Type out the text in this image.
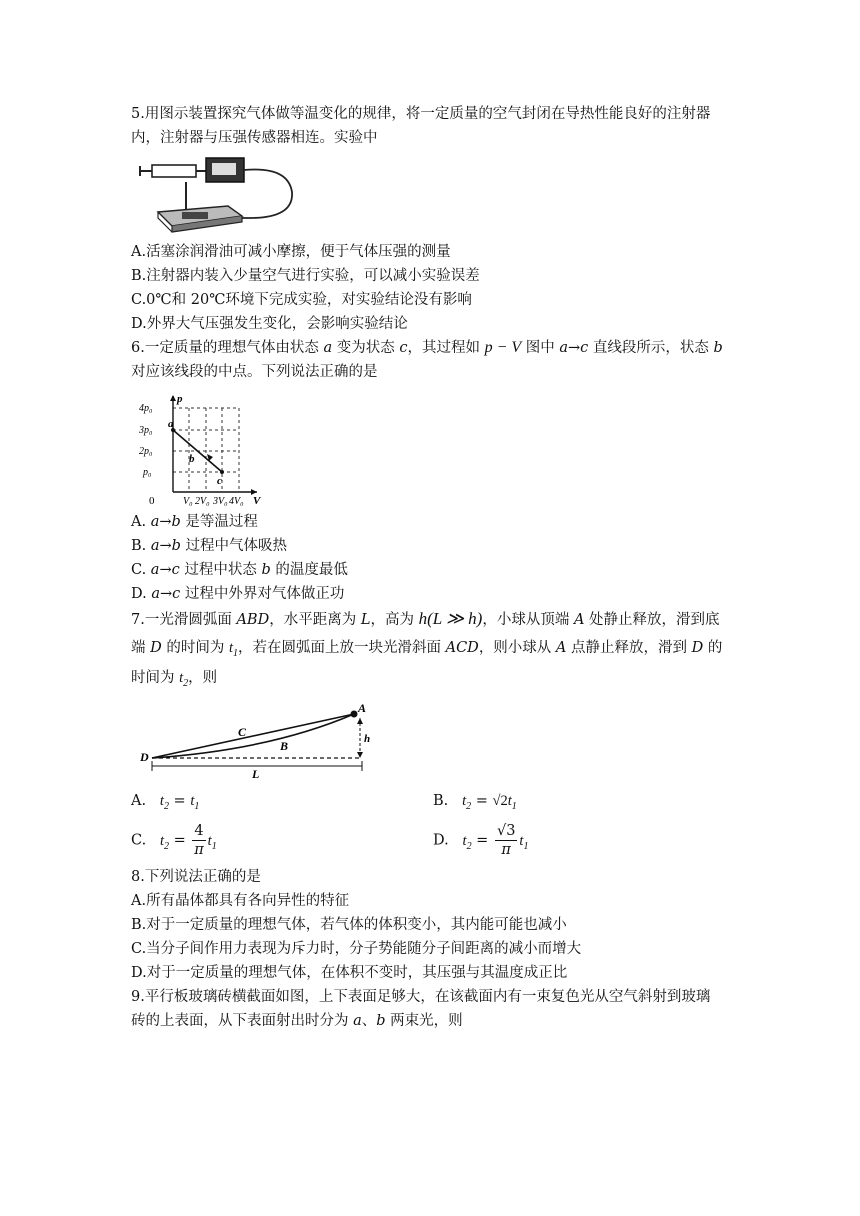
5.用图示装置探究气体做等温变化的规律，将一定质量的空气封闭在导热性能良好的注射器
内，注射器与压强传感器相连。实验中
A.活塞涂润滑油可减小摩擦，便于气体压强的测量
B.注射器内装入少量空气进行实验，可以减小实验误差
C.0℃和 20℃环境下完成实验，对实验结论没有影响
D.外界大气压强发生变化，会影响实验结论
6.一定质量的理想气体由状态 a 变为状态 c，其过程如 p − V 图中 a→c 直线段所示，状态 b
对应该线段的中点。下列说法正确的是
p
V
0
4p₀
3p₀
2p₀
p₀
V₀ 2V₀ 3V₀ 4V₀
a
b
c
A. a→b 是等温过程
B. a→b 过程中气体吸热
C. a→c 过程中状态 b 的温度最低
D. a→c 过程中外界对气体做正功
7.一光滑圆弧面 ABD，水平距离为 L，高为 h(L ≫ h)，小球从顶端 A 处静止释放，滑到底
端 D 的时间为 $t_1$，若在圆弧面上放一块光滑斜面 ACD，则小球从 A 点静止释放，滑到 D 的
时间为 $t_2$，则
A
B
C
D
h
L
A. $t_2 = t_1$	B. $t_2 = √2t_1$
C. $t_2 = \frac{4}{\pi} t_1$	D. $t_2 = \frac{√3}{\pi} t_1$
8.下列说法正确的是
A.所有晶体都具有各向异性的特征
B.对于一定质量的理想气体，若气体的体积变小，其内能可能也减小
C.当分子间作用力表现为斥力时，分子势能随分子间距离的减小而增大
D.对于一定质量的理想气体，在体积不变时，其压强与其温度成正比
9.平行板玻璃砖横截面如图，上下表面足够大，在该截面内有一束复色光从空气斜射到玻璃
砖的上表面，从下表面射出时分为 a、b 两束光，则
